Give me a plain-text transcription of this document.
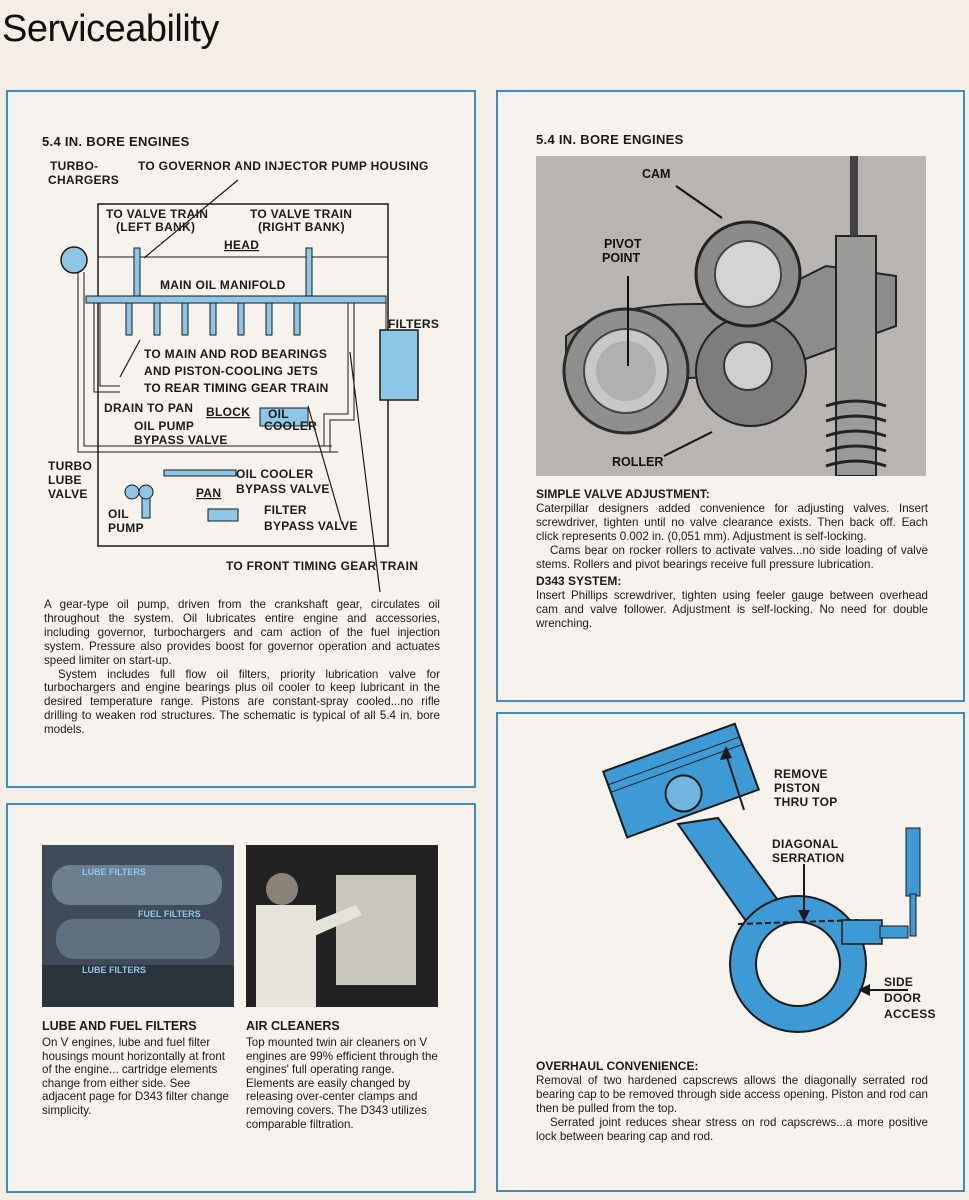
Serviceability
5.4 IN. BORE ENGINES
TURBO-
CHARGERS
TO GOVERNOR AND INJECTOR PUMP HOUSING
TO VALVE TRAIN
(LEFT BANK)
TO VALVE TRAIN
(RIGHT BANK)
HEAD
MAIN OIL MANIFOLD
FILTERS
TO MAIN AND ROD BEARINGS
AND PISTON-COOLING JETS
TO REAR TIMING GEAR TRAIN
DRAIN TO PAN BLOCK OIL
COOLER
OIL PUMP
BYPASS VALVE
TURBO
LUBE
VALVE
OIL COOLER
BYPASS VALVE
PAN
OIL
PUMP
FILTER
BYPASS VALVE
TO FRONT TIMING GEAR TRAIN

A gear-type oil pump, driven from the crankshaft gear, circulates oil throughout the system. Oil lubricates entire engine and accessories, including governor, turbochargers and cam action of the fuel injection system. Pressure also provides boost for governor operation and actuates speed limiter on start-up.

System includes full flow oil filters, priority lubrication valve for turbochargers and engine bearings plus oil cooler to keep lubricant in the desired temperature range. Pistons are constant-spray cooled...no rifle drilling to weaken rod structures. The schematic is typical of all 5.4 in. bore models.

5.4 IN. BORE ENGINES
CAM
PIVOT
POINT
ROLLER
SIMPLE VALVE ADJUSTMENT:

Caterpillar designers added convenience for adjusting valves. Insert screwdriver, tighten until no valve clearance exists. Then back off. Each click represents 0.002 in. (0,051 mm). Adjustment is self-locking.

Cams bear on rocker rollers to activate valves...no side loading of valve stems. Rollers and pivot bearings receive full pressure lubrication.

D343 SYSTEM:

Insert Phillips screwdriver, tighten using feeler gauge between overhead cam and valve follower. Adjustment is self-locking. No need for double wrenching.

LUBE FILTERS
FUEL FILTERS
LUBE FILTERS
LUBE AND FUEL FILTERS
On V engines, lube and fuel filter housings mount horizontally at front of the engine... cartridge elements change from either side. See adjacent page for D343 filter change simplicity.
AIR CLEANERS
Top mounted twin air cleaners on V engines are 99% efficient through the engines' full operating range. Elements are easily changed by releasing over-center clamps and removing covers. The D343 utilizes comparable filtration.
REMOVE
PISTON
THRU TOP
DIAGONAL
SERRATION
SIDE
DOOR
ACCESS
OVERHAUL CONVENIENCE:

Removal of two hardened capscrews allows the diagonally serrated rod bearing cap to be removed through side access opening. Piston and rod can then be pulled from the top.

Serrated joint reduces shear stress on rod capscrews...a more positive lock between bearing cap and rod.
